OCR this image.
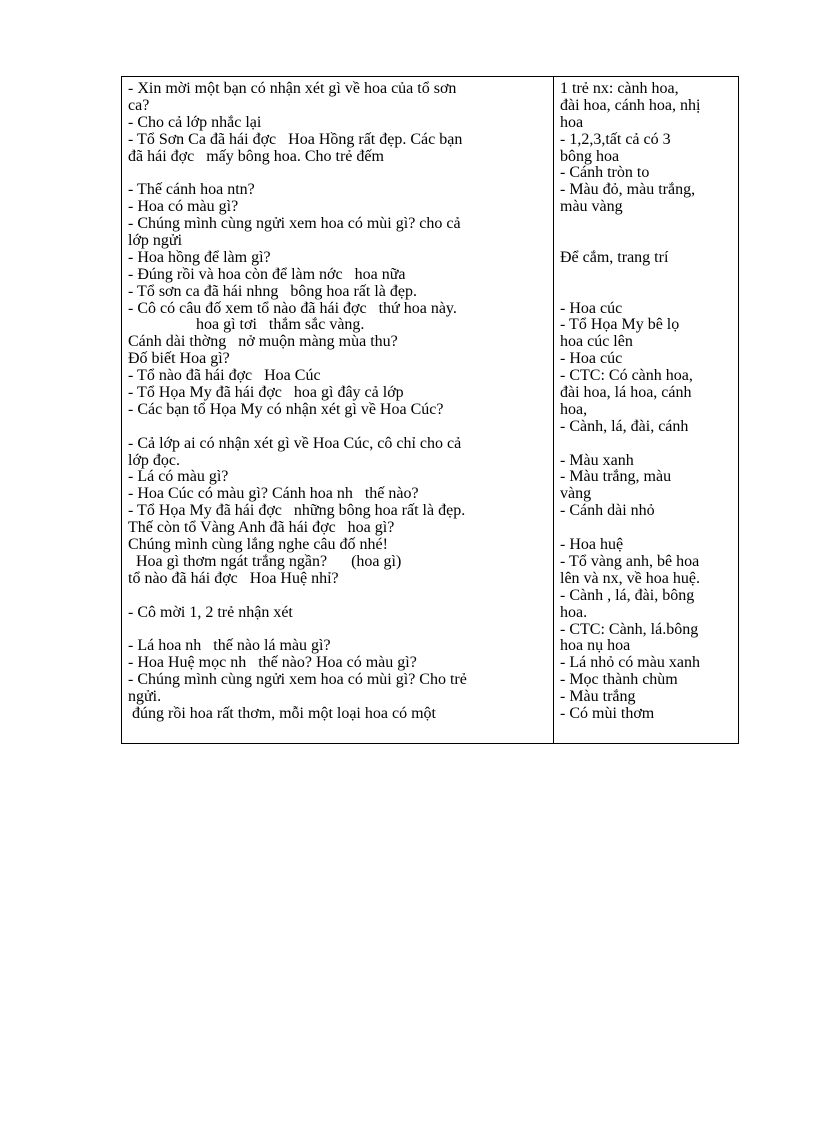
- Xin mời một bạn có nhận xét gì về hoa của tổ sơn
ca?
- Cho cả lớp nhắc lại
- Tổ Sơn Ca đã hái đợc   Hoa Hồng rất đẹp. Các bạn
đã hái đợc   mấy bông hoa. Cho trẻ đếm
- Thế cánh hoa ntn?
- Hoa có màu gì?
- Chúng mình cùng ngửi xem hoa có mùi gì? cho cả
lớp ngửi
- Hoa hồng để làm gì?
- Đúng rồi và hoa còn để làm nớc   hoa nữa
- Tổ sơn ca đã hái nhng   bông hoa rất là đẹp.
- Cô có câu đố xem tổ nào đã hái đợc   thứ hoa này.
hoa gì tơi   thắm sắc vàng.
Cánh dài thờng   nở muộn màng mùa thu?
Đố biết Hoa gì?
- Tổ nào đã hái đợc   Hoa Cúc
- Tổ Họa My đã hái đợc   hoa gì đây cả lớp
- Các bạn tổ Họa My có nhận xét gì về Hoa Cúc?
- Cả lớp ai có nhận xét gì về Hoa Cúc, cô chỉ cho cả
lớp đọc.
- Lá có màu gì?
- Hoa Cúc có màu gì? Cánh hoa nh   thế nào?
- Tổ Họa My đã hái đợc   những bông hoa rất là đẹp.
Thế còn tổ Vàng Anh đã hái đợc   hoa gì?
Chúng mình cùng lắng nghe câu đố nhé!
Hoa gì thơm ngát trắng ngần?      (hoa gì)
tổ nào đã hái đợc   Hoa Huệ nhỉ?
- Cô mời 1, 2 trẻ nhận xét
- Lá hoa nh   thế nào lá màu gì?
- Hoa Huệ mọc nh   thế nào? Hoa có màu gì?
- Chúng mình cùng ngửi xem hoa có mùi gì? Cho trẻ
ngửi.
đúng rồi hoa rất thơm, mỗi một loại hoa có một
1 trẻ nx: cành hoa,
đài hoa, cánh hoa, nhị
hoa
- 1,2,3,tất cả có 3
bông hoa
- Cánh tròn to
- Màu đỏ, màu trắng,
màu vàng
Để cắm, trang trí
- Hoa cúc
- Tổ Họa My bê lọ
hoa cúc lên
- Hoa cúc
- CTC: Có cành hoa,
đài hoa, lá hoa, cánh
hoa,
- Cành, lá, đài, cánh
- Màu xanh
- Màu trắng, màu
vàng
- Cánh dài nhỏ
- Hoa huệ
- Tổ vàng anh, bê hoa
lên và nx, về hoa huệ.
- Cành , lá, đài, bông
hoa.
- CTC: Cành, lá.bông
hoa nụ hoa
- Lá nhỏ có màu xanh
- Mọc thành chùm
- Màu trắng
- Có mùi thơm
